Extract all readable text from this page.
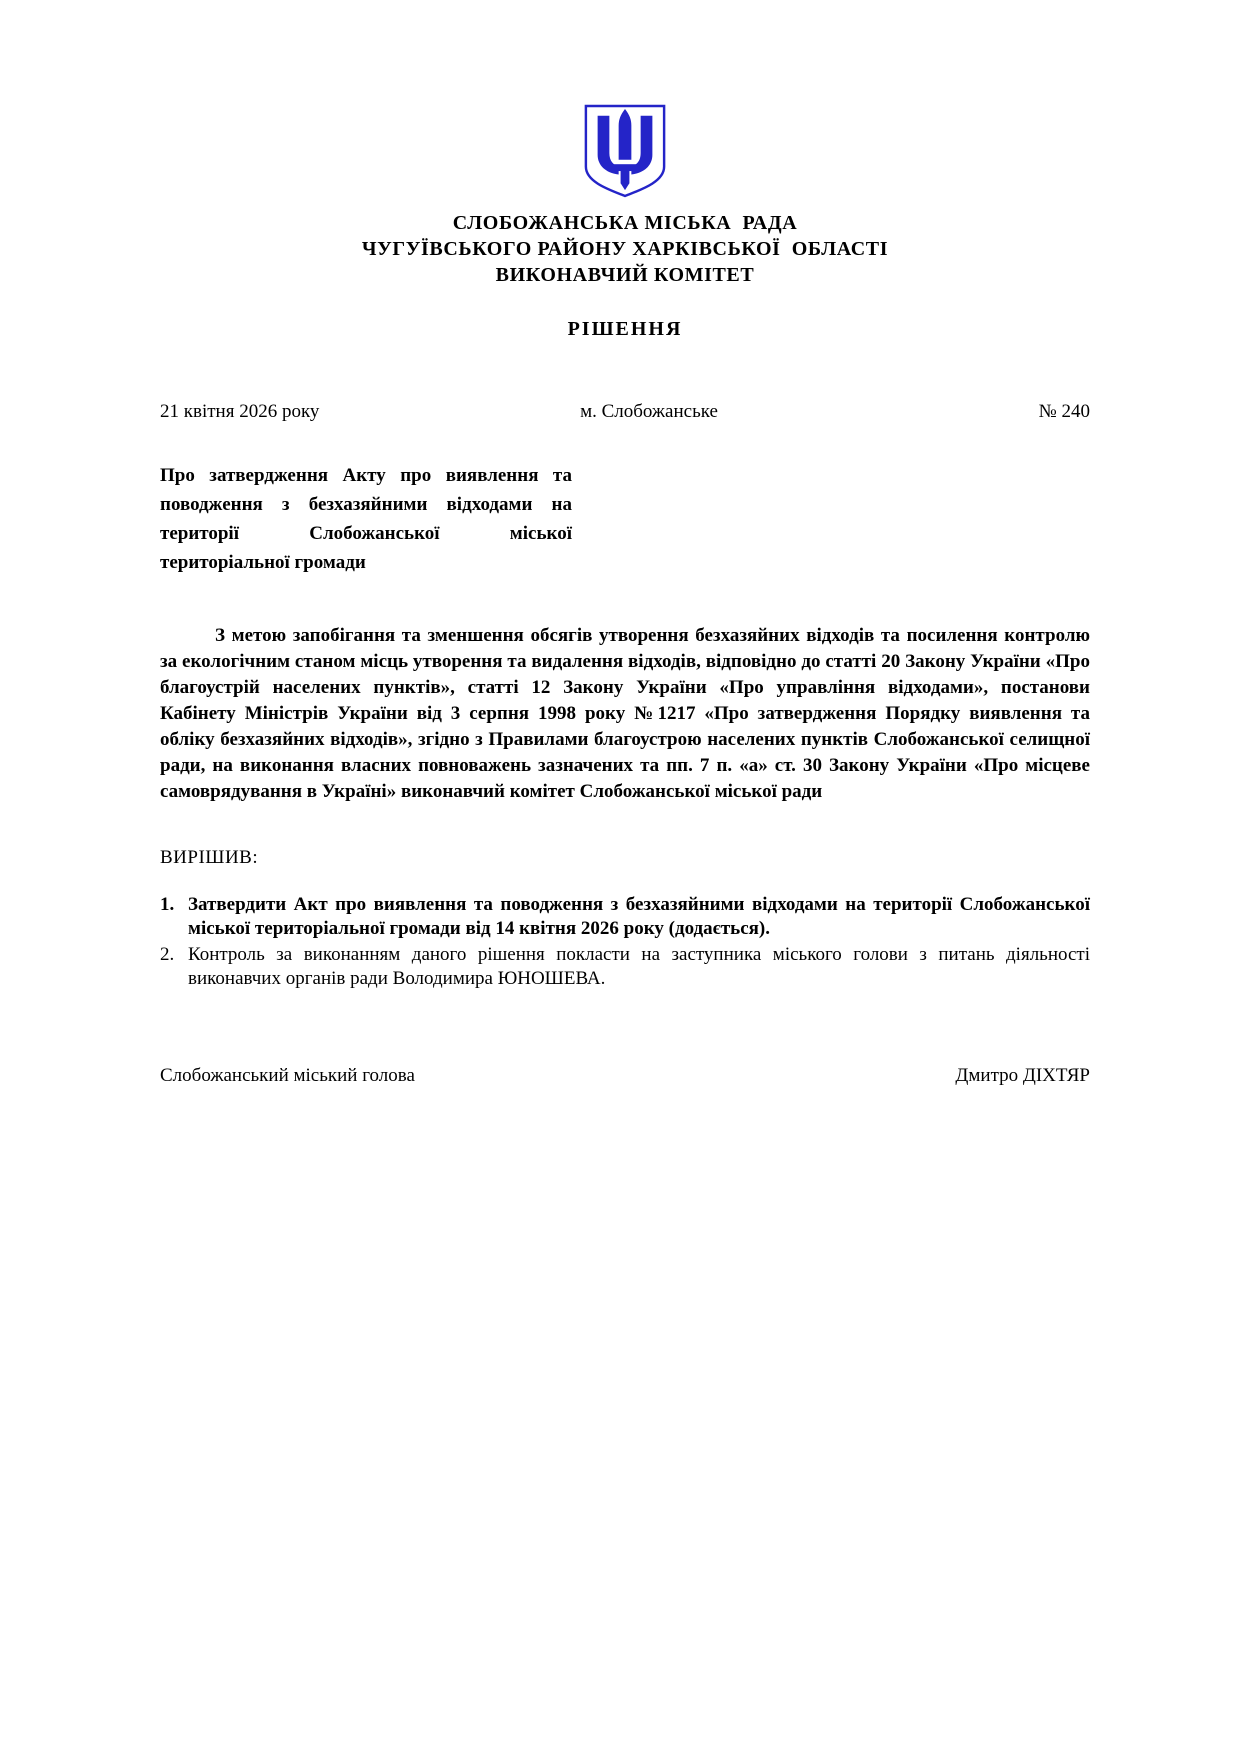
СЛОБОЖАНСЬКА МІСЬКА  РАДА
ЧУГУЇВСЬКОГО РАЙОНУ ХАРКІВСЬКОЇ  ОБЛАСТІ
ВИКОНАВЧИЙ КОМІТЕТ
РІШЕННЯ
21 квітня 2026 року	м. Слобожанське	№ 240
Про затвердження Акту про виявлення та поводження з безхазяйними відходами на території Слобожанської міської територіальної громади

З метою запобігання та зменшення обсягів утворення безхазяйних відходів та посилення контролю за екологічним станом місць утворення та видалення відходів, відповідно до статті 20 Закону України «Про благоустрій населених пунктів», статті 12 Закону України «Про управління відходами», постанови Кабінету Міністрів України від 3 серпня 1998 року №1217 «Про затвердження Порядку виявлення та обліку безхазяйних відходів», згідно з Правилами благоустрою населених пунктів Слобожанської селищної ради, на виконання власних повноважень зазначених та пп. 7 п. «а» ст. 30 Закону України «Про місцеве самоврядування в Україні» виконавчий комітет Слобожанської міської ради

ВИРІШИВ:
1. Затвердити Акт про виявлення та поводження з безхазяйними відходами на території Слобожанської міської територіальної громади від 14 квітня 2026 року (додається).
2. Контроль за виконанням даного рішення покласти на заступника міського голови з питань діяльності виконавчих органів ради Володимира ЮНОШЕВА.
Слобожанський міський голова	Дмитро ДІХТЯР
